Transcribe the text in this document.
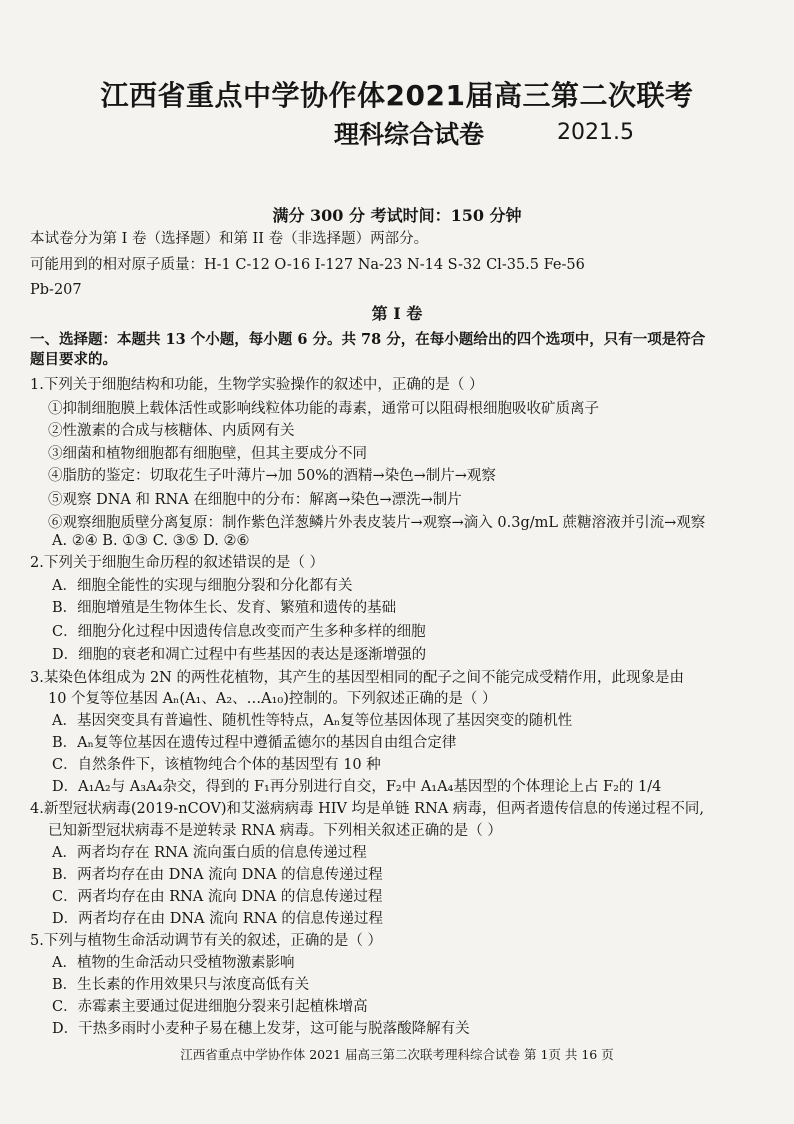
江西省重点中学协作体2021届高三第二次联考
理科综合试卷	2021.5
满分 300 分 考试时间：150 分钟
本试卷分为第 I 卷（选择题）和第 II 卷（非选择题）两部分。
可能用到的相对原子质量：H-1 C-12 O-16 I-127 Na-23 N-14 S-32 Cl-35.5 Fe-56
Pb-207
第 I 卷
一、选择题：本题共 13 个小题，每小题 6 分。共 78 分，在每小题给出的四个选项中，只有一项是符合
题目要求的。
1.下列关于细胞结构和功能，生物学实验操作的叙述中，正确的是（ ）
①抑制细胞膜上载体活性或影响线粒体功能的毒素，通常可以阻碍根细胞吸收矿质离子
②性激素的合成与核糖体、内质网有关
③细菌和植物细胞都有细胞壁，但其主要成分不同
④脂肪的鉴定：切取花生子叶薄片→加 50%的酒精→染色→制片→观察
⑤观察 DNA 和 RNA 在细胞中的分布：解离→染色→漂洗→制片
⑥观察细胞质壁分离复原：制作紫色洋葱鳞片外表皮装片→观察→滴入 0.3g/mL 蔗糖溶液并引流→观察
A. ②④ B. ①③ C. ③⑤ D. ②⑥
2.下列关于细胞生命历程的叙述错误的是（ ）
A．细胞全能性的实现与细胞分裂和分化都有关
B．细胞增殖是生物体生长、发育、繁殖和遗传的基础
C．细胞分化过程中因遗传信息改变而产生多种多样的细胞
D．细胞的衰老和凋亡过程中有些基因的表达是逐渐增强的
3.某染色体组成为 2N 的两性花植物，其产生的基因型相同的配子之间不能完成受精作用，此现象是由
10 个复等位基因 Aₙ(A₁、A₂、…A₁₀)控制的。下列叙述正确的是（ ）
A．基因突变具有普遍性、随机性等特点，Aₙ复等位基因体现了基因突变的随机性
B．Aₙ复等位基因在遗传过程中遵循孟德尔的基因自由组合定律
C．自然条件下，该植物纯合个体的基因型有 10 种
D．A₁A₂与 A₃A₄杂交，得到的 F₁再分别进行自交，F₂中 A₁A₄基因型的个体理论上占 F₂的 1/4
4.新型冠状病毒(2019-nCOV)和艾滋病病毒 HIV 均是单链 RNA 病毒，但两者遗传信息的传递过程不同,
已知新型冠状病毒不是逆转录 RNA 病毒。下列相关叙述正确的是（ ）
A．两者均存在 RNA 流向蛋白质的信息传递过程
B．两者均存在由 DNA 流向 DNA 的信息传递过程
C．两者均存在由 RNA 流向 DNA 的信息传递过程
D．两者均存在由 DNA 流向 RNA 的信息传递过程
5.下列与植物生命活动调节有关的叙述，正确的是（ ）
A．植物的生命活动只受植物激素影响
B．生长素的作用效果只与浓度高低有关
C．赤霉素主要通过促进细胞分裂来引起植株增高
D．干热多雨时小麦种子易在穗上发芽，这可能与脱落酸降解有关
江西省重点中学协作体 2021 届高三第二次联考理科综合试卷 第 1页 共 16 页
